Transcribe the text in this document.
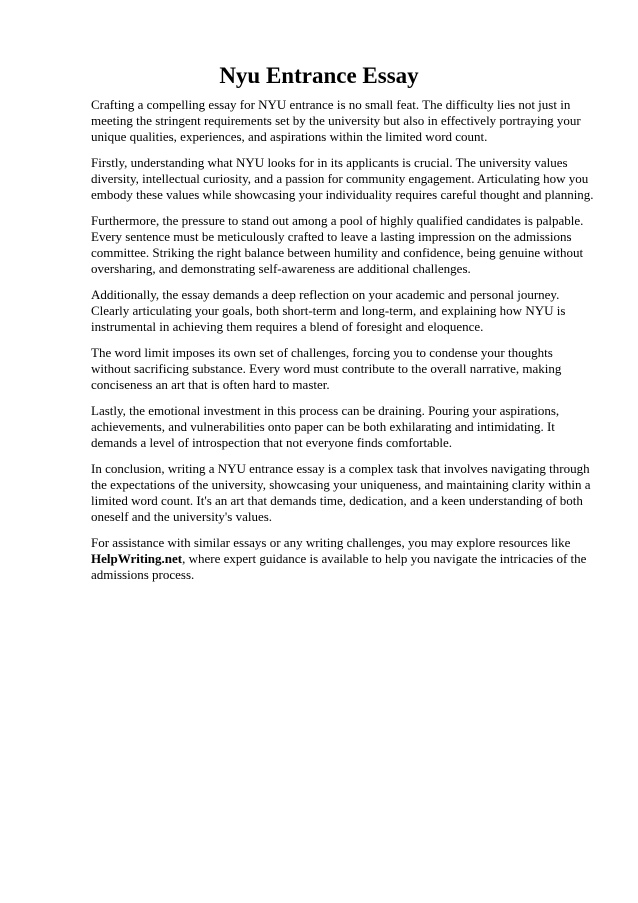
Nyu Entrance Essay

Crafting a compelling essay for NYU entrance is no small feat. The difficulty lies not just in meeting the stringent requirements set by the university but also in effectively portraying your unique qualities, experiences, and aspirations within the limited word count.

Firstly, understanding what NYU looks for in its applicants is crucial. The university values diversity, intellectual curiosity, and a passion for community engagement. Articulating how you embody these values while showcasing your individuality requires careful thought and planning.

Furthermore, the pressure to stand out among a pool of highly qualified candidates is palpable. Every sentence must be meticulously crafted to leave a lasting impression on the admissions committee. Striking the right balance between humility and confidence, being genuine without oversharing, and demonstrating self-awareness are additional challenges.

Additionally, the essay demands a deep reflection on your academic and personal journey. Clearly articulating your goals, both short-term and long-term, and explaining how NYU is instrumental in achieving them requires a blend of foresight and eloquence.

The word limit imposes its own set of challenges, forcing you to condense your thoughts without sacrificing substance. Every word must contribute to the overall narrative, making conciseness an art that is often hard to master.

Lastly, the emotional investment in this process can be draining. Pouring your aspirations, achievements, and vulnerabilities onto paper can be both exhilarating and intimidating. It demands a level of introspection that not everyone finds comfortable.

In conclusion, writing a NYU entrance essay is a complex task that involves navigating through the expectations of the university, showcasing your uniqueness, and maintaining clarity within a limited word count. It's an art that demands time, dedication, and a keen understanding of both oneself and the university's values.

For assistance with similar essays or any writing challenges, you may explore resources like HelpWriting.net, where expert guidance is available to help you navigate the intricacies of the admissions process.
